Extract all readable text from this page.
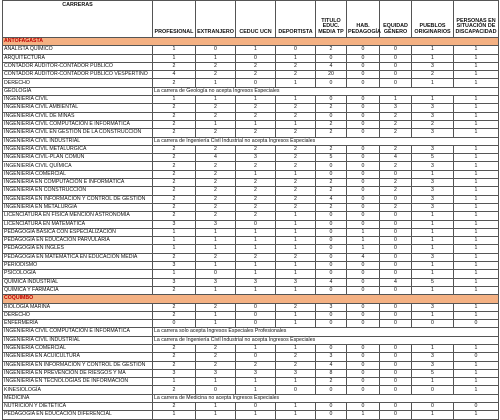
CARRERAS	PROFESIONAL	EXTRANJERO	CEDUC UCN	DEPORTISTA	TITULO EDUC. MEDIA TP	HAB. PEDAGOGÍA	EQUIDAD GÉNERO	PUEBLOS ORIGINARIOS	PERSONAS EN SITUACIÓN DE DISCAPACIDAD
ANTOFAGASTA									
ANALISTA QUÍMICO	1	0	1	0	2	0	0	1	1
ARQUITECTURA	1	1	0	1	0	0	0	1	1
CONTADOR AUDITOR-CONTADOR PÚBLICO	2	2	2	2	4	0	0	3	1
CONTADOR AUDITOR-CONTADOR PÚBLICO VESPERTINO	4	2	2	2	20	0	0	2	1
DERECHO	2	1	0	1	0	0	0	1	1
GEOLOGÍA	La carrera de Geología no acepta Ingresos Especiales								
INGENIERÍA CIVIL	1	1	1	1	0	0	1	1	1
INGENIERÍA CIVIL AMBIENTAL	2	2	2	2	2	0	3	3	1
INGENIERÍA CIVIL DE MINAS	2	2	2	2	0	0	2	3	1
INGENIERÍA CIVIL COMPUTACIÓN E INFORMÁTICA	2	1	1	1	2	0	2	2	1
INGENIERÍA CIVIL EN GESTIÓN DE LA CONSTRUCCION	2	2	2	2	2	0	2	3	1
INGENIERÍA CIVIL INDUSTRIAL	La carrera de Ingeniería Civil Industrial no acepta Ingresos Especiales								
INGENIERÍA CIVIL METALÚRGICA	2	2	2	2	2	0	2	3	1
INGENIERÍA CIVIL-PLAN COMÚN	2	4	3	2	5	0	4	5	1
INGENIERÍA CIVIL QUÍMICA	2	2	2	2	0	0	2	3	1
INGENIERÍA COMERCIAL	2	2	1	1	0	0	0	1	1
INGENIERÍA EN COMPUTACIÓN E INFORMÁTICA	2	2	2	2	2	0	2	3	1
INGENIERÍA EN CONSTRUCCIÓN	2	2	2	2	2	0	2	3	1
INGENIERÍA EN INFORMACIÓN Y CONTROL DE GESTIÓN	2	2	2	2	4	0	0	3	1
INGENIERÍA EN METALURGIA	2	2	2	2	2	0	2	3	1
LICENCIATURA EN FÍSICA MENCIÓN ASTRONOMÍA	2	2	2	1	0	0	0	1	1
LICENCIATURA EN MATEMÁTICA	3	3	0	1	0	0	0	1	1
PEDAGOGÍA BÁSICA CON ESPECIALIZACIÓN	1	1	1	1	0	1	0	1	1
PEDAGOGÍA EN EDUCACIÓN PARVULARIA	1	1	1	1	0	1	0	1	1
PEDAGOGÍA EN INGLÉS	1	1	1	1	0	1	0	1	1
PEDAGOGÍA EN MATEMÁTICA EN EDUCACIÓN MEDIA	2	2	2	2	0	4	0	3	1
PERIODISMO	3	1	1	1	0	0	0	1	1
PSICOLOGÍA	1	0	1	1	0	0	0	1	1
QUÍMICA INDUSTRIAL	3	3	3	3	4	0	4	5	1
QUÍMICA Y FARMACIA	2	1	1	1	0	0	0	1	1
COQUIMBO									
BIOLOGÍA MARINA	2	2	0	2	3	0	0	3	1
DERECHO	2	1	0	1	0	0	0	1	1
ENFERMERÍA	0	1	0	1	0	0	0	0	0
INGENIERÍA CIVIL COMPUTACIÓN E INFORMÁTICA	La carrera solo acepta Ingresos Especiales Profesionales								
INGENIERÍA CIVIL INDUSTRIAL	La carrera de Ingeniería Civil Industrial no acepta Ingresos Especiales								
INGENIERÍA COMERCIAL	2	2	1	1	0	0	0	1	1
INGENIERÍA EN ACUICULTURA	2	2	0	2	3	0	0	3	0
INGENIERÍA EN INFORMACIÓN Y CONTROL DE GESTIÓN	2	2	2	2	4	0	0	3	1
INGENIERÍA EN PREVENCIÓN DE RIESGOS Y MA	3	3	3	3	8	0	0	5	1
INGENIERÍA EN TECNOLOGÍAS DE INFORMACIÓN	1	1	1	1	2	0	0	1	1
KINESIOLOGÍA	2	0	1	0	0	0	0	0	1
MEDICINA	La carrera de Medicina no acepta Ingresos Especiales								
NUTRICIÓN Y DIETÉTICA	2	1	0	1	0	0	0	0	0
PEDAGOGÍA EN EDUCACIÓN DIFERENCIAL	1	1	1	1	0	1	0	1	1
